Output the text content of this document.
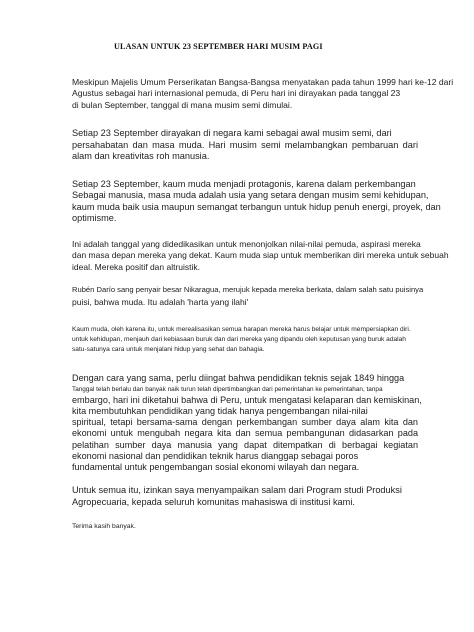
ULASAN UNTUK 23 SEPTEMBER HARI MUSIM PAGI

Meskipun Majelis Umum Perserikatan Bangsa-Bangsa menyatakan pada tahun 1999 hari ke-12 dari
Agustus sebagai hari internasional pemuda, di Peru hari ini dirayakan pada tanggal 23
di bulan September, tanggal di mana musim semi dimulai.

Setiap 23 September dirayakan di negara kami sebagai awal musim semi, dari
persahabatan dan masa muda. Hari musim semi melambangkan pembaruan dari
alam dan kreativitas roh manusia.

Setiap 23 September, kaum muda menjadi protagonis, karena dalam perkembangan
Sebagai manusia, masa muda adalah usia yang setara dengan musim semi kehidupan,
kaum muda baik usia maupun semangat terbangun untuk hidup penuh energi, proyek, dan
optimisme.

Ini adalah tanggal yang didedikasikan untuk menonjolkan nilai-nilai pemuda, aspirasi mereka
dan masa depan mereka yang dekat. Kaum muda siap untuk memberikan diri mereka untuk sebuah
ideal. Mereka positif dan altruistik.

Rubén Darío sang penyair besar Nikaragua, merujuk kepada mereka berkata, dalam salah satu puisinya
puisi, bahwa muda. Itu adalah 'harta yang ilahi'

Kaum muda, oleh karena itu, untuk merealisasikan semua harapan mereka harus belajar untuk mempersiapkan diri.
untuk kehidupan, menjauh dari kebiasaan buruk dan dari mereka yang dipandu oleh keputusan yang buruk adalah
satu-satunya cara untuk menjalani hidup yang sehat dan bahagia.

Dengan cara yang sama, perlu diingat bahwa pendidikan teknis sejak 1849 hingga

Tanggal telah berlalu dan banyak naik turun telah dipertimbangkan dari pemerintahan ke pemerintahan, tanpa

embargo, hari ini diketahui bahwa di Peru, untuk mengatasi kelaparan dan kemiskinan,
kita membutuhkan pendidikan yang tidak hanya pengembangan nilai-nilai
spiritual, tetapi bersama-sama dengan perkembangan sumber daya alam kita dan
ekonomi untuk mengubah negara kita dan semua pembangunan didasarkan pada
pelatihan sumber daya manusia yang dapat ditempatkan di berbagai kegiatan
ekonomi nasional dan pendidikan teknik harus dianggap sebagai poros
fundamental untuk pengembangan sosial ekonomi wilayah dan negara.

Untuk semua itu, izinkan saya menyampaikan salam dari Program studi Produksi
Agropecuaria, kepada seluruh komunitas mahasiswa di institusi kami.

Terima kasih banyak.
